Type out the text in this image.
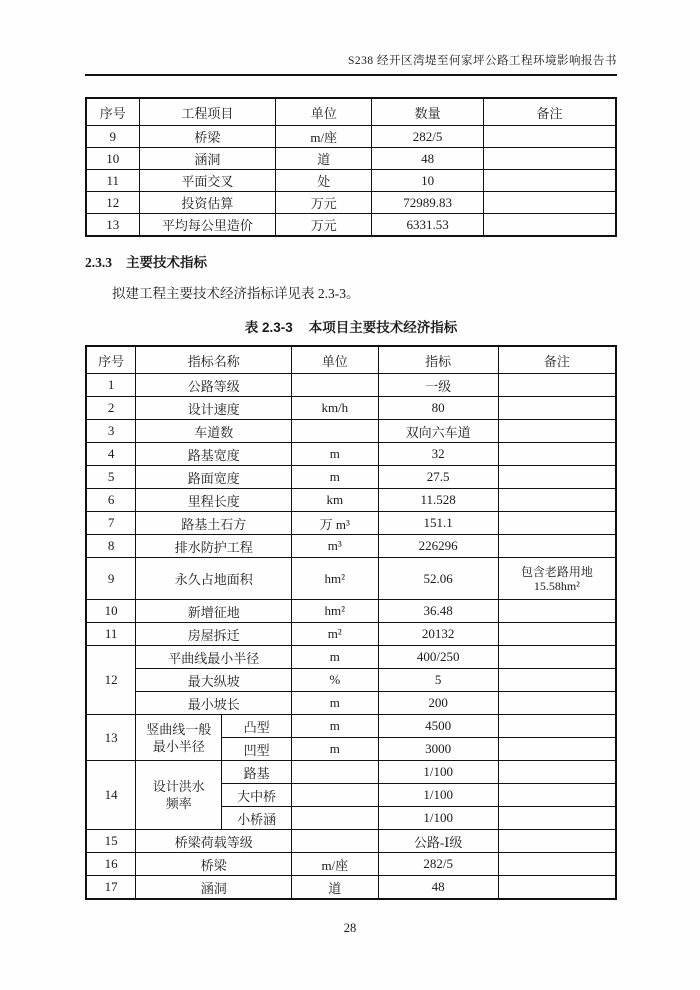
S238 经开区湾堤至何家坪公路工程环境影响报告书
序号	工程项目	单位	数量	备注
9	桥梁	m/座	282/5	
10	涵洞	道	48	
11	平面交叉	处	10	
12	投资估算	万元	72989.83	
13	平均每公里造价	万元	6331.53	
2.3.3 主要技术指标
拟建工程主要技术经济指标详见表 2.3-3。
表 2.3-3 本项目主要技术经济指标
序号	指标名称		单位	指标	备注
1	公路等级			一级	
2	设计速度		km/h	80	
3	车道数			双向六车道	
4	路基宽度		m	32	
5	路面宽度		m	27.5	
6	里程长度		km	11.528	
7	路基土石方		万 m³	151.1	
8	排水防护工程		m³	226296	
9	永久占地面积		hm²	52.06	包含老路用地
15.58hm²

10	新增征地		hm²	36.48	
11	房屋拆迁		m²	20132	
12	平曲线最小半径		m	400/250	
	最大纵坡		%	5	
	最小坡长		m	200	
13	竖曲线一般
最小半径	凸型	m	4500	
		凹型	m	3000	
14	设计洪水
频率	路基		1/100	
		大中桥		1/100	
		小桥涵		1/100	
15	桥梁荷载等级			公路-Ⅰ级	
16	桥梁		m/座	282/5	
17	涵洞		道	48	
28
